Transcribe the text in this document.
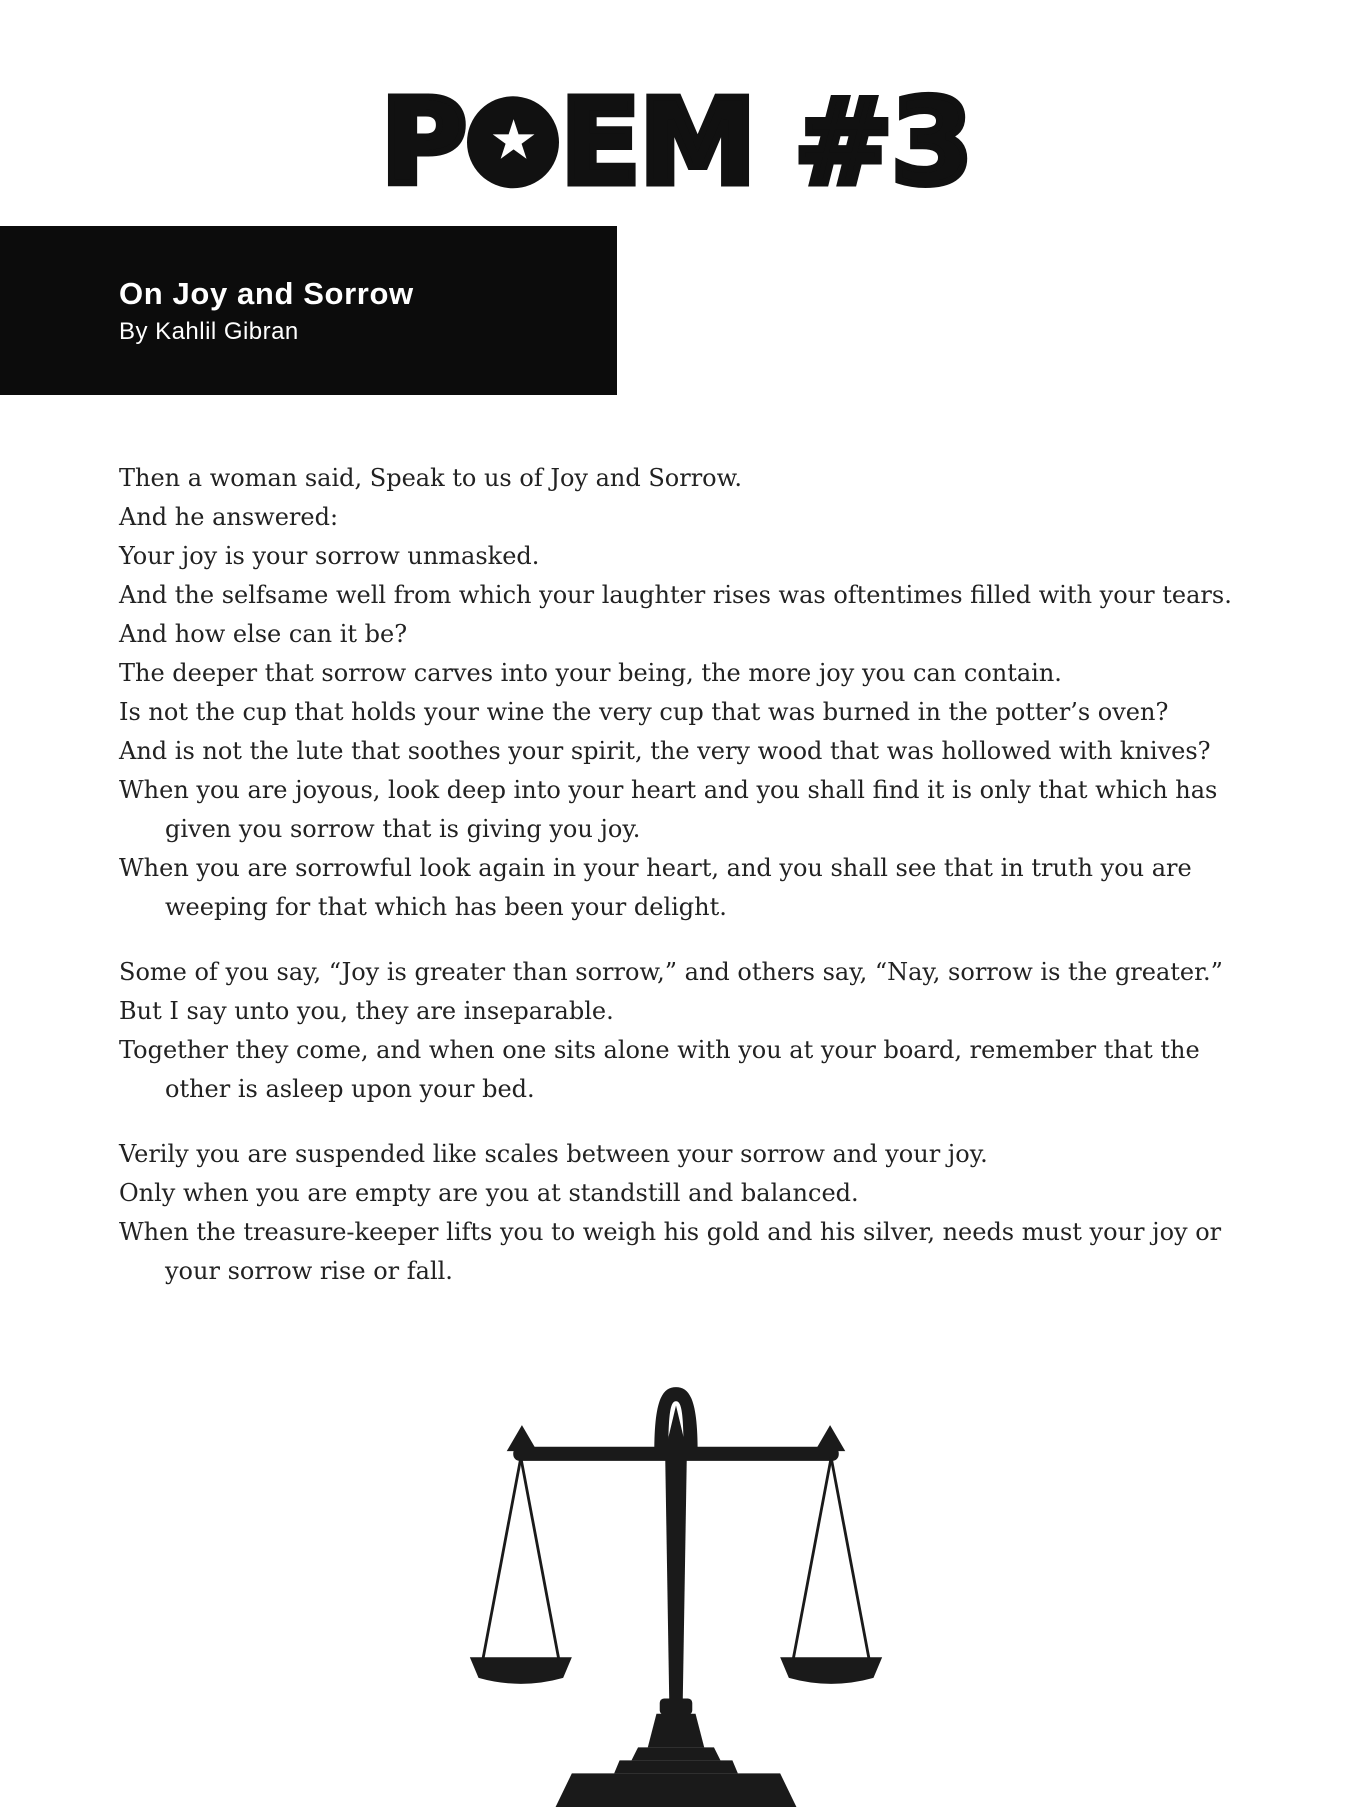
P ★ EM #3
On Joy and Sorrow
By Kahlil Gibran

Then a woman said, Speak to us of Joy and Sorrow.

And he answered:

Your joy is your sorrow unmasked.

And the selfsame well from which your laughter rises was oftentimes filled with your tears.

And how else can it be?

The deeper that sorrow carves into your being, the more joy you can contain.

Is not the cup that holds your wine the very cup that was burned in the potter’s oven?

And is not the lute that soothes your spirit, the very wood that was hollowed with knives?

When you are joyous, look deep into your heart and you shall find it is only that which has given you sorrow that is giving you joy.

When you are sorrowful look again in your heart, and you shall see that in truth you are weeping for that which has been your delight.

Some of you say, “Joy is greater than sorrow,” and others say, “Nay, sorrow is the greater.”

But I say unto you, they are inseparable.

Together they come, and when one sits alone with you at your board, remember that the other is asleep upon your bed.

Verily you are suspended like scales between your sorrow and your joy.

Only when you are empty are you at standstill and balanced.

When the treasure-keeper lifts you to weigh his gold and his silver, needs must your joy or your sorrow rise or fall.
